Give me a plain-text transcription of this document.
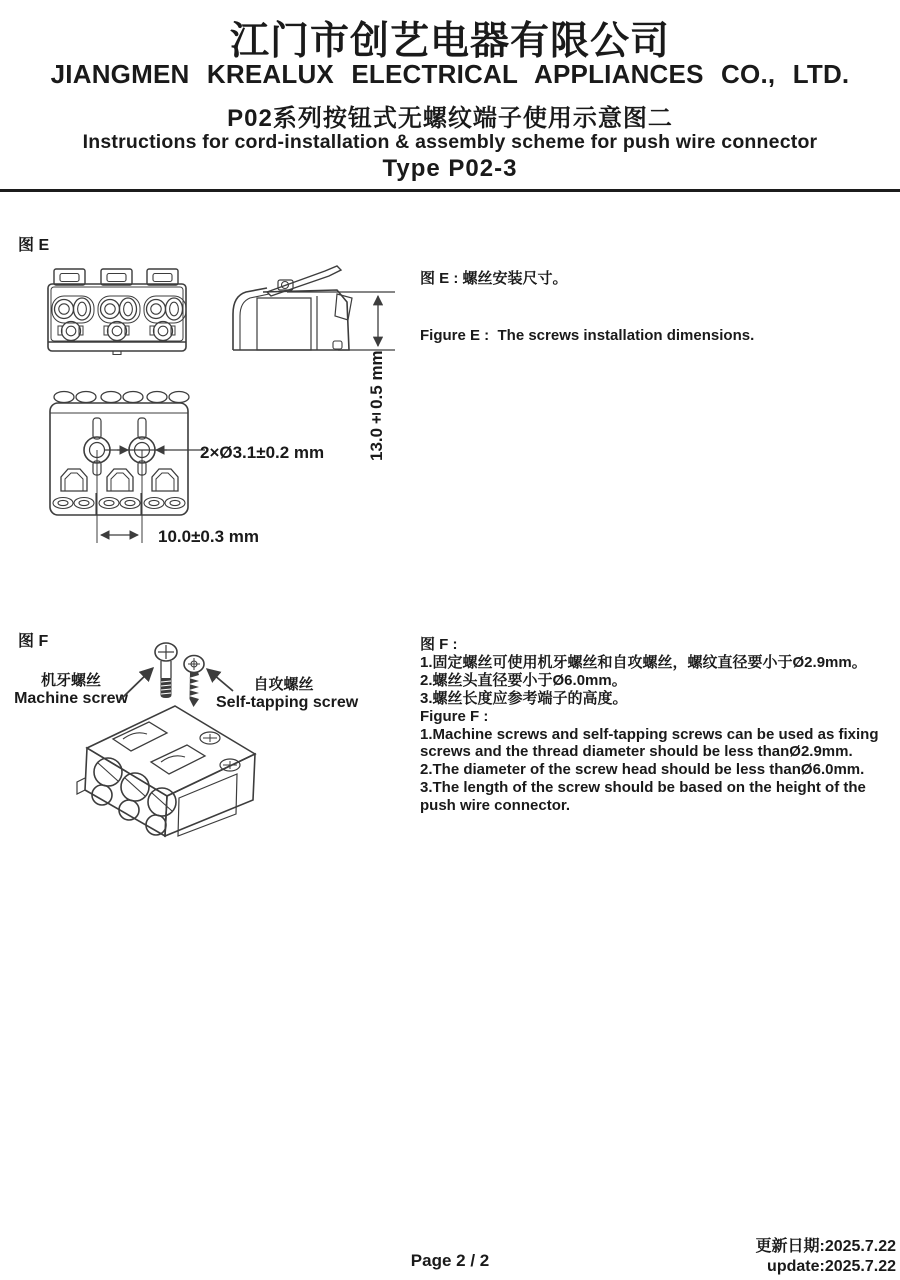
江门市创艺电器有限公司
JIANGMEN KREALUX ELECTRICAL APPLIANCES CO., LTD.
P02系列按钮式无螺纹端子使用示意图二
Instructions for cord-installation & assembly scheme for push wire connector
Type P02-3
图 E

图 E : 螺丝安装尺寸。

Figure E :  The screws installation dimensions.

13.0±0.5 mm
2×Ø3.1±0.2 mm
10.0±0.3 mm
图 F
机牙螺丝
Machine screw
自攻螺丝
Self-tapping screw
图 F :
1.固定螺丝可使用机牙螺丝和自攻螺丝，螺纹直径要小于Ø2.9mm。
2.螺丝头直径要小于Ø6.0mm。
3.螺丝长度应参考端子的高度。
Figure F :
1.Machine screws and self-tapping screws can be used as fixing
screws and the thread diameter should be less thanØ2.9mm.
2.The diameter of the screw head should be less thanØ6.0mm.
3.The length of the screw should be based on the height of the
push wire connector.
Page 2 / 2
更新日期:2025.7.22
update:2025.7.22
